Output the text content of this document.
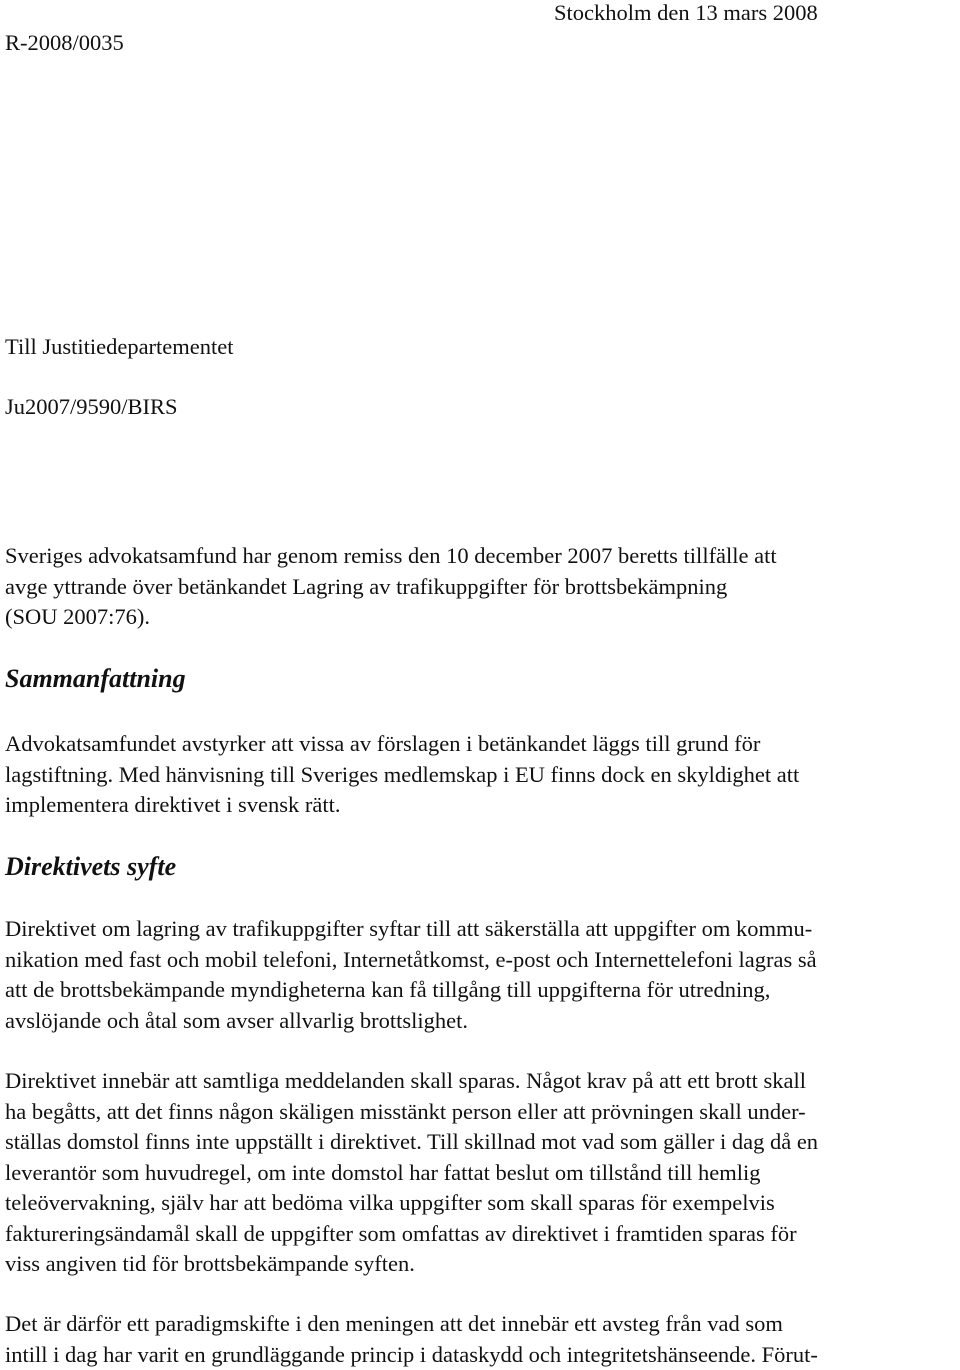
R-2008/0035
Stockholm den 13 mars 2008
Till Justitiedepartementet
Ju2007/9590/BIRS
Sveriges advokatsamfund har genom remiss den 10 december 2007 beretts tillfälle att
avge yttrande över betänkandet Lagring av trafikuppgifter för brottsbekämpning
(SOU 2007:76).
Sammanfattning
Advokatsamfundet avstyrker att vissa av förslagen i betänkandet läggs till grund för
lagstiftning. Med hänvisning till Sveriges medlemskap i EU finns dock en skyldighet att
implementera direktivet i svensk rätt.
Direktivets syfte
Direktivet om lagring av trafikuppgifter syftar till att säkerställa att uppgifter om kommu-
nikation med fast och mobil telefoni, Internetåtkomst, e-post och Internettelefoni lagras så
att de brottsbekämpande myndigheterna kan få tillgång till uppgifterna för utredning,
avslöjande och åtal som avser allvarlig brottslighet.
Direktivet innebär att samtliga meddelanden skall sparas. Något krav på att ett brott skall
ha begåtts, att det finns någon skäligen misstänkt person eller att prövningen skall under-
ställas domstol finns inte uppställt i direktivet. Till skillnad mot vad som gäller i dag då en
leverantör som huvudregel, om inte domstol har fattat beslut om tillstånd till hemlig
teleövervakning, själv har att bedöma vilka uppgifter som skall sparas för exempelvis
faktureringsändamål skall de uppgifter som omfattas av direktivet i framtiden sparas för
viss angiven tid för brottsbekämpande syften.
Det är därför ett paradigmskifte i den meningen att det innebär ett avsteg från vad som
intill i dag har varit en grundläggande princip i dataskydd och integritetshänseende. Förut-
